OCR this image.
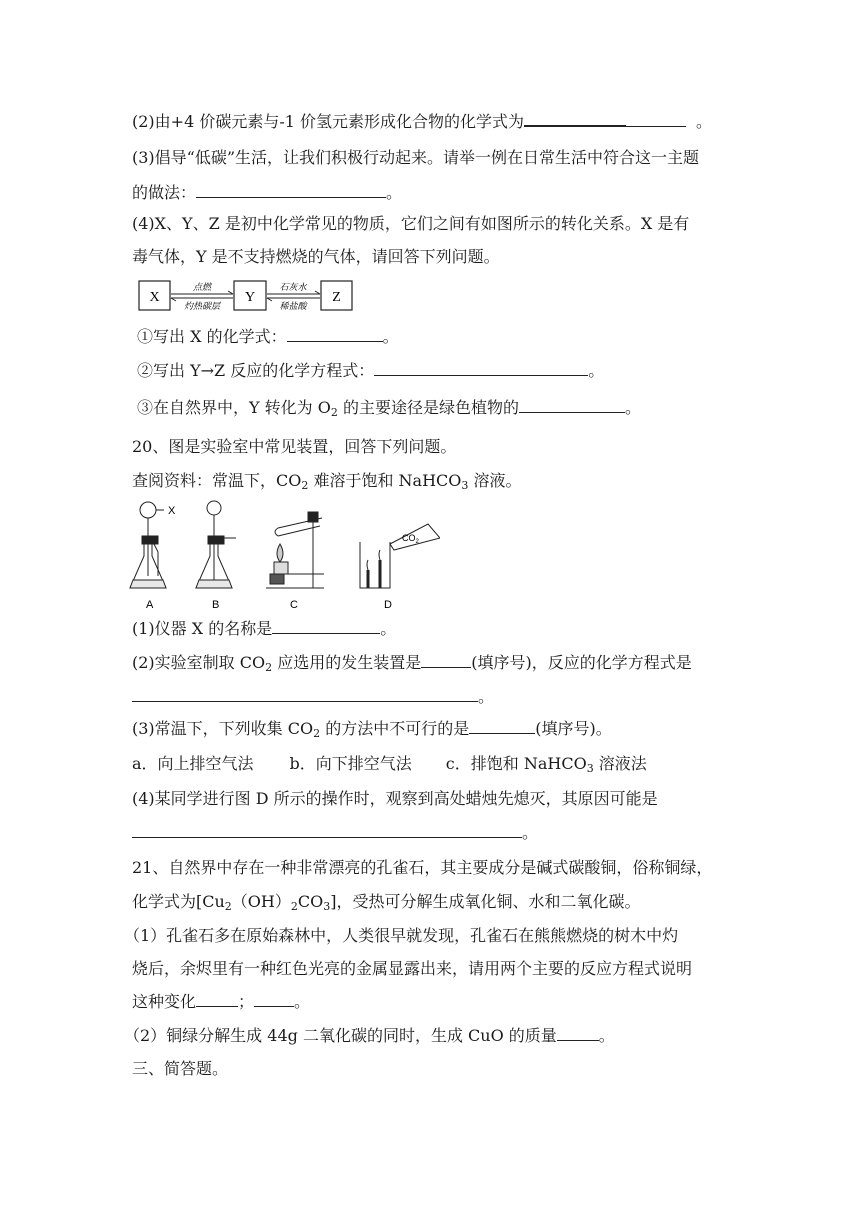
(2)由+4 价碳元素与-1 价氢元素形成化合物的化学式为	。
(3)倡导“低碳”生活，让我们积极行动起来。请举一例在日常生活中符合这一主题
的做法：	。
(4)X、Y、Z 是初中化学常见的物质，它们之间有如图所示的转化关系。X 是有
毒气体，Y 是不支持燃烧的气体，请回答下列问题。
X
点燃
灼热碳层
Y
石灰水
稀盐酸
Z
①写出 X 的化学式：	。
②写出 Y→Z 反应的化学方程式：	。
③在自然界中，Y 转化为 $O_2$ 的主要途径是绿色植物的	。
20、图是实验室中常见装置，回答下列问题。
查阅资料：常温下，$CO_2$ 难溶于饱和 NaHCO$_3$ 溶液。
X
A	B	C
$CO_2$
D
(1)仪器 X 的名称是	。
(2)实验室制取 $CO_2$ 应选用的发生装置是	(填序号)，反应的化学方程式是
。
(3)常温下，下列收集 $CO_2$ 的方法中不可行的是	(填序号)。
a．向上排空气法 b．向下排空气法 c．排饱和 NaHCO$_3$ 溶液法
(4)某同学进行图 D 所示的操作时，观察到高处蜡烛先熄灭，其原因可能是
。
21、自然界中存在一种非常漂亮的孔雀石，其主要成分是碱式碳酸铜，俗称铜绿，
化学式为$[Cu_2(OH)_2CO_3]$，受热可分解生成氧化铜、水和二氧化碳。
（1）孔雀石多在原始森林中，人类很早就发现，孔雀石在熊熊燃烧的树木中灼
烧后，余烬里有一种红色光亮的金属显露出来，请用两个主要的反应方程式说明
这种变化	；	。
（2）铜绿分解生成 44g 二氧化碳的同时，生成 CuO 的质量	。
三、简答题。
